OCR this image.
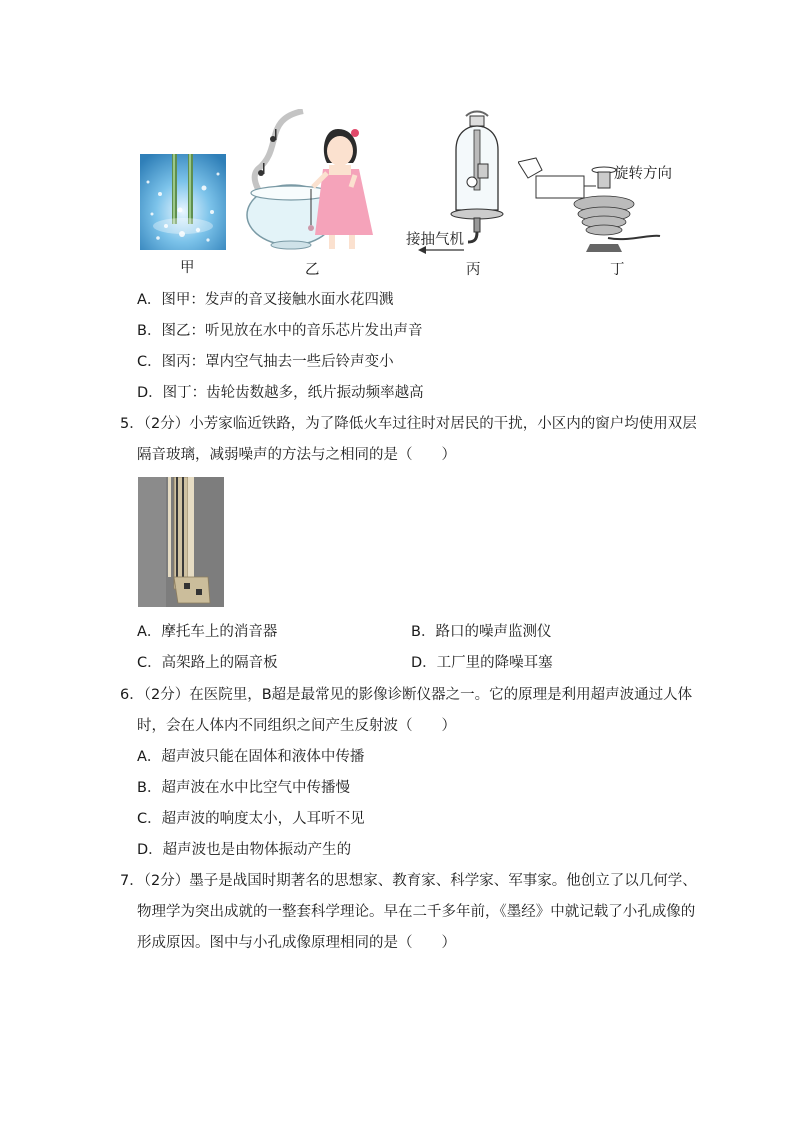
甲	乙
接抽气机
丙
旋转方向
丁
A．图甲：发声的音叉接触水面水花四溅
B．图乙：听见放在水中的音乐芯片发出声音
C．图丙：罩内空气抽去一些后铃声变小
D．图丁：齿轮齿数越多，纸片振动频率越高
5．（2分）小芳家临近铁路，为了降低火车过往时对居民的干扰，小区内的窗户均使用双层
隔音玻璃，减弱噪声的方法与之相同的是（　　）
A．摩托车上的消音器	B．路口的噪声监测仪
C．高架路上的隔音板	D．工厂里的降噪耳塞
6．（2分）在医院里，B超是最常见的影像诊断仪器之一。它的原理是利用超声波通过人体
时，会在人体内不同组织之间产生反射波（　　）
A．超声波只能在固体和液体中传播
B．超声波在水中比空气中传播慢
C．超声波的响度太小，人耳听不见
D．超声波也是由物体振动产生的
7．（2分）墨子是战国时期著名的思想家、教育家、科学家、军事家。他创立了以几何学、
物理学为突出成就的一整套科学理论。早在二千多年前，《墨经》中就记载了小孔成像的
形成原因。图中与小孔成像原理相同的是（　　）
